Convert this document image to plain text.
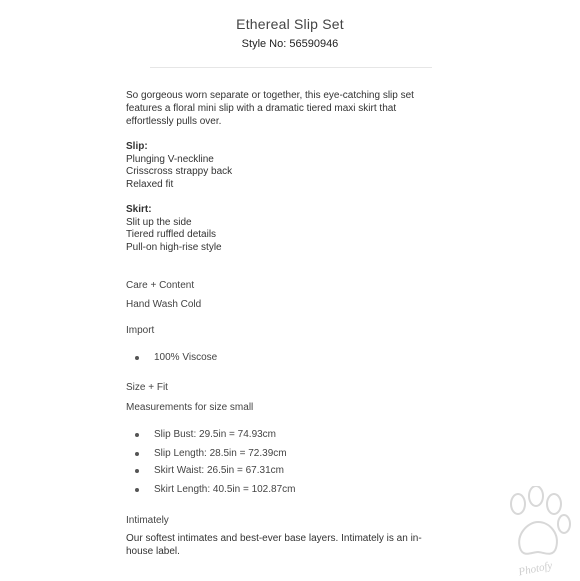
Ethereal Slip Set
Style No: 56590946
So gorgeous worn separate or together, this eye-catching slip set features a floral mini slip with a dramatic tiered maxi skirt that effortlessly pulls over.
Slip:
Plunging V-neckline
Crisscross strappy back
Relaxed fit
Skirt:
Slit up the side
Tiered ruffled details
Pull-on high-rise style
Care + Content
Hand Wash Cold
Import
100% Viscose
Size + Fit
Measurements for size small
Slip Bust: 29.5in = 74.93cm
Slip Length: 28.5in = 72.39cm
Skirt Waist: 26.5in = 67.31cm
Skirt Length: 40.5in = 102.87cm
Intimately
Our softest intimates and best-ever base layers. Intimately is an in-house label.
Photofy
